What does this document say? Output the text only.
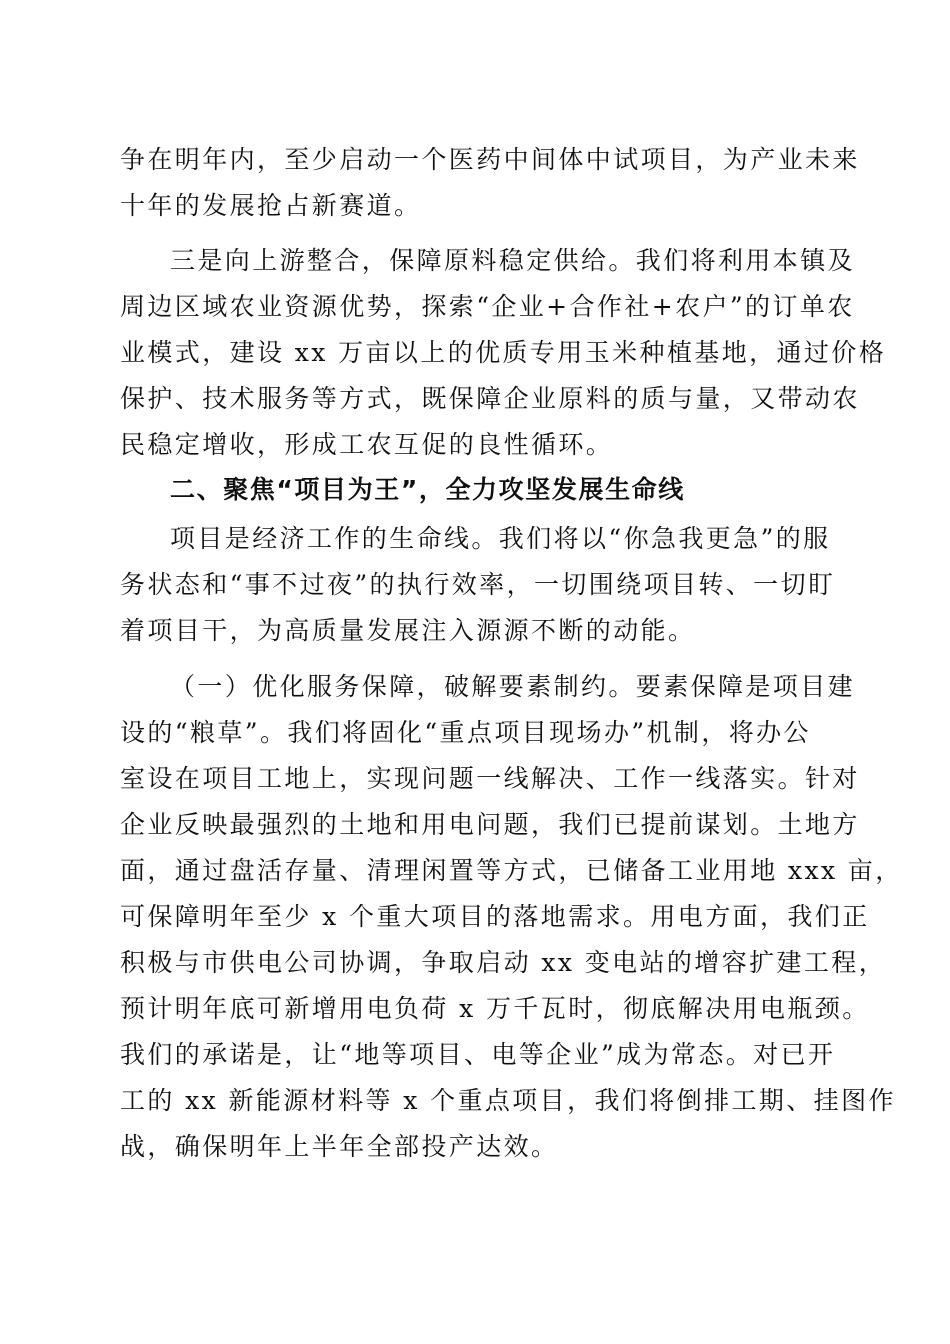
争在明年内，至少启动一个医药中间体中试项目，为产业未来
十年的发展抢占新赛道。
三是向上游整合，保障原料稳定供给。我们将利用本镇及
周边区域农业资源优势，探索“企业+合作社+农户”的订单农
业模式，建设 xx 万亩以上的优质专用玉米种植基地，通过价格
保护、技术服务等方式，既保障企业原料的质与量，又带动农
民稳定增收，形成工农互促的良性循环。
二、聚焦“项目为王”，全力攻坚发展生命线
项目是经济工作的生命线。我们将以“你急我更急”的服
务状态和“事不过夜”的执行效率，一切围绕项目转、一切盯
着项目干，为高质量发展注入源源不断的动能。
（一）优化服务保障，破解要素制约。要素保障是项目建
设的“粮草”。我们将固化“重点项目现场办”机制，将办公
室设在项目工地上，实现问题一线解决、工作一线落实。针对
企业反映最强烈的土地和用电问题，我们已提前谋划。土地方
面，通过盘活存量、清理闲置等方式，已储备工业用地 xxx 亩，
可保障明年至少 x 个重大项目的落地需求。用电方面，我们正
积极与市供电公司协调，争取启动 xx 变电站的增容扩建工程，
预计明年底可新增用电负荷 x 万千瓦时，彻底解决用电瓶颈。
我们的承诺是，让“地等项目、电等企业”成为常态。对已开
工的 xx 新能源材料等 x 个重点项目，我们将倒排工期、挂图作
战，确保明年上半年全部投产达效。
